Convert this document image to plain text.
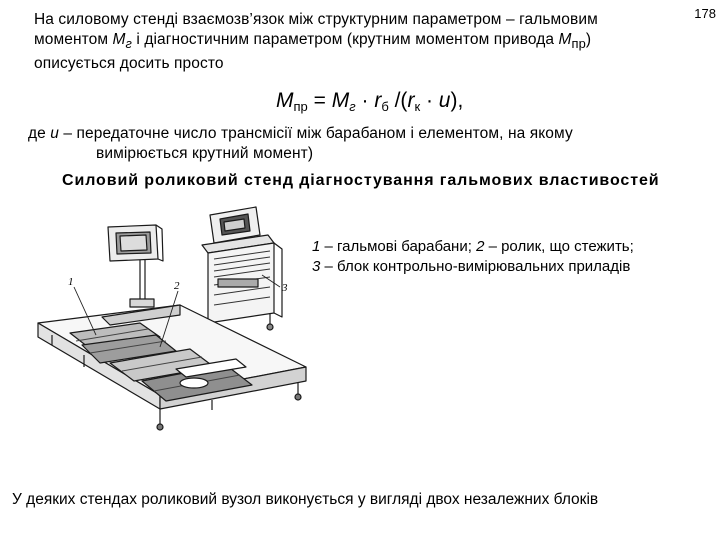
178
На силовому стенді взаємозв’язок між структурним параметром – гальмовим моментом $М_г$ і діагностичним параметром (крутним моментом привода $М_{пр}$) описується досить просто
$М_{пр} = М_г \cdot r_б$ $/(r_к \cdot u)$,
де u – передаточне число трансмісії між барабаном і елементом, на якому
вимірюється крутний момент)
Силовий роликовий стенд діагностування гальмових властивостей
1 – гальмові барабани; 2 – ролик, що стежить;
3 – блок контрольно-вимірювальних приладів
1	2	3
У деяких стендах роликовий вузол виконується у вигляді двох незалежних блоків
